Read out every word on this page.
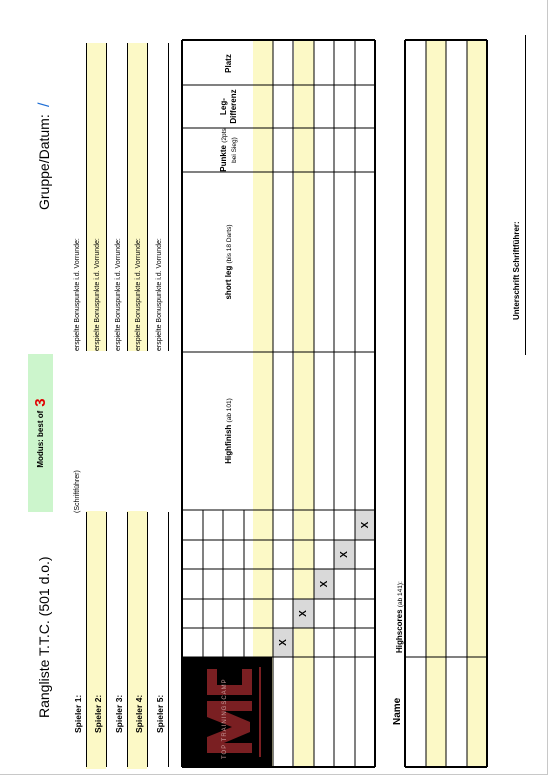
Rangliste T.T.C. (501 d.o.)
Gruppe/Datum:
/
Spieler 1: Spieler 2: Spieler 3: Spieler 4: Spieler 5:
(Schriftführer)
Modus: best of
3
erspielte Bonuspunkte i.d. Vorrunde: erspielte Bonuspunkte i.d. Vorrunde: erspielte Bonuspunkte i.d. Vorrunde: erspielte Bonuspunkte i.d. Vorrunde: erspielte Bonuspunkte i.d. Vorrunde:
TOP TRAININGSCAMP
Highfinish (ab 101)
short leg (bis 18 Darts)
X
X
X
X
X
Name
Highscores (ab 141):
Unterschrift Schriftführer:
Punkte (2pts bei Sieg)
Leg-Differenz
Platz
